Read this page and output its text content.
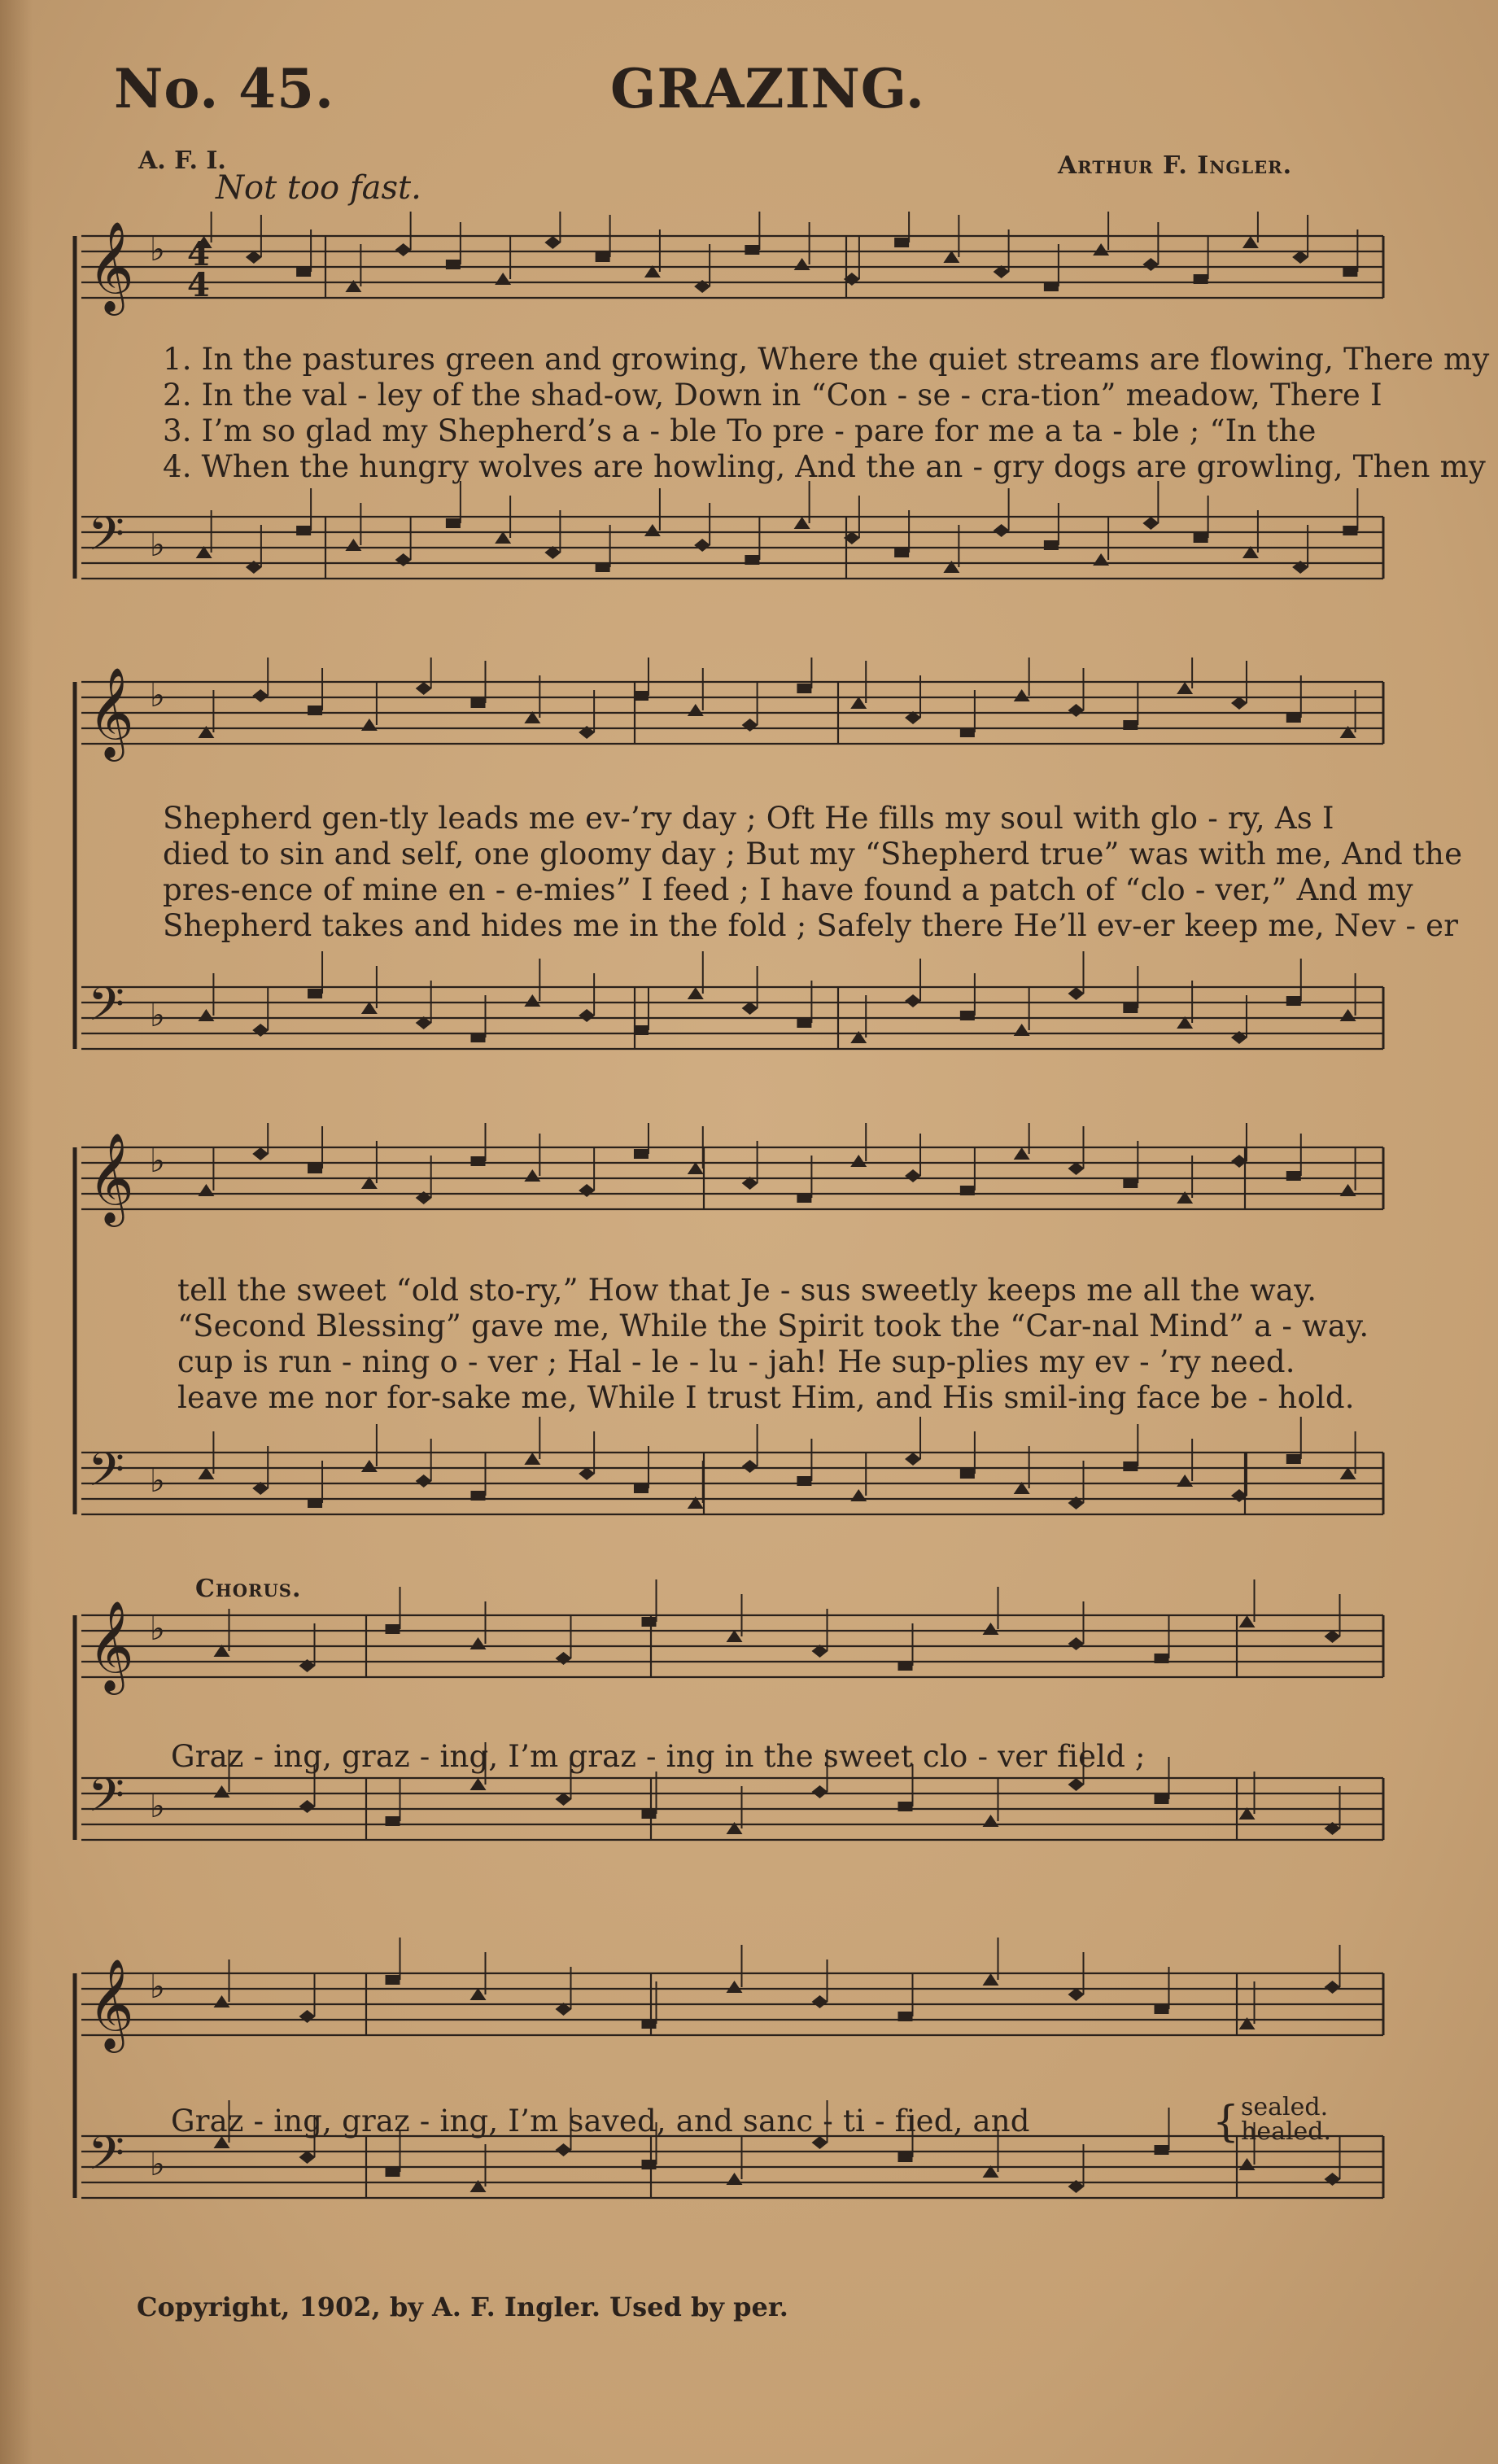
No. 45.	GRAZING.
A. F. I.
Not too fast.
Arthur F. Ingler.
𝄞 ♭
𝄢 ♭
4
4
1. In the pastures green and growing, Where the quiet streams are flowing, There my
2. In the val - ley of the shad-ow, Down in “Con - se - cra-tion” meadow, There I
3. I’m so glad my Shepherd’s a - ble To pre - pare for me a ta - ble ; “In the
4. When the hungry wolves are howling, And the an - gry dogs are growling, Then my
𝄞 ♭
𝄢 ♭
Shepherd gen-tly leads me ev-’ry day ; Oft He fills my soul with glo - ry, As I
died to sin and self, one gloomy day ; But my “Shepherd true” was with me, And the
pres-ence of mine en - e-mies” I feed ; I have found a patch of “clo - ver,” And my
Shepherd takes and hides me in the fold ; Safely there He’ll ev-er keep me, Nev - er
𝄞 ♭
𝄢 ♭
tell the sweet “old sto-ry,” How that Je - sus sweetly keeps me all the way.
“Second Blessing” gave me, While the Spirit took the “Car-nal Mind” a - way.
cup is run - ning o - ver ; Hal - le - lu - jah! He sup-plies my ev - ’ry need.
leave me nor for-sake me, While I trust Him, and His smil-ing face be - hold.
𝄞 ♭
𝄢 ♭
Chorus.
Graz - ing, graz - ing, I’m graz - ing in the sweet clo - ver field ;
𝄞 ♭
𝄢 ♭
Graz - ing, graz - ing, I’m saved, and sanc - ti - fied, and	{ sealed.
healed.
Copyright, 1902, by A. F. Ingler. Used by per.
